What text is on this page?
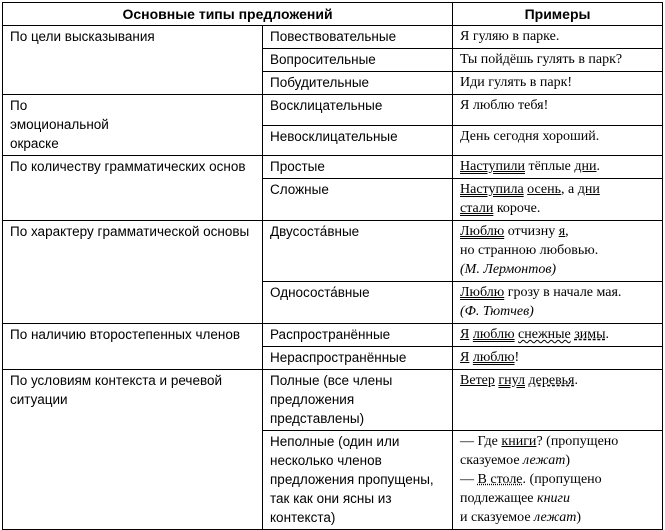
Основные типы предложений		Примеры
По цели высказывания	Повествовательные	Я гуляю в парке.
	Вопросительные	Ты пойдёшь гулять в парк?
	Побудительные	Иди гулять в парк!
По эмоциональной окраске	Восклицательные	Я люблю тебя!
	Невосклицательные	День сегодня хороший.
По количеству грамматических основ	Простые	Наступили тёплые дни.
	Сложные	Наступила осень, а дни
стали короче.
По характеру грамматической основы	Двусоста́вные	Люблю отчизну я,
но странною любовью.
(М. Лермонтов)
	Однососта́вные	Люблю грозу в начале мая.
(Ф. Тютчев)
По наличию второстепенных членов	Распространённые	Я люблю снежные зимы.
	Нераспространённые	Я люблю!
По условиям контекста и речевой ситуации	Полные (все члены предложения представлены)	Ветер гнул деревья.
	Неполные (один или несколько членов предложения пропущены, так как они ясны из контекста)	— Где книги? (пропущено сказуемое лежат)
— В столе. (пропущено подлежащее книги
и сказуемое лежат)
